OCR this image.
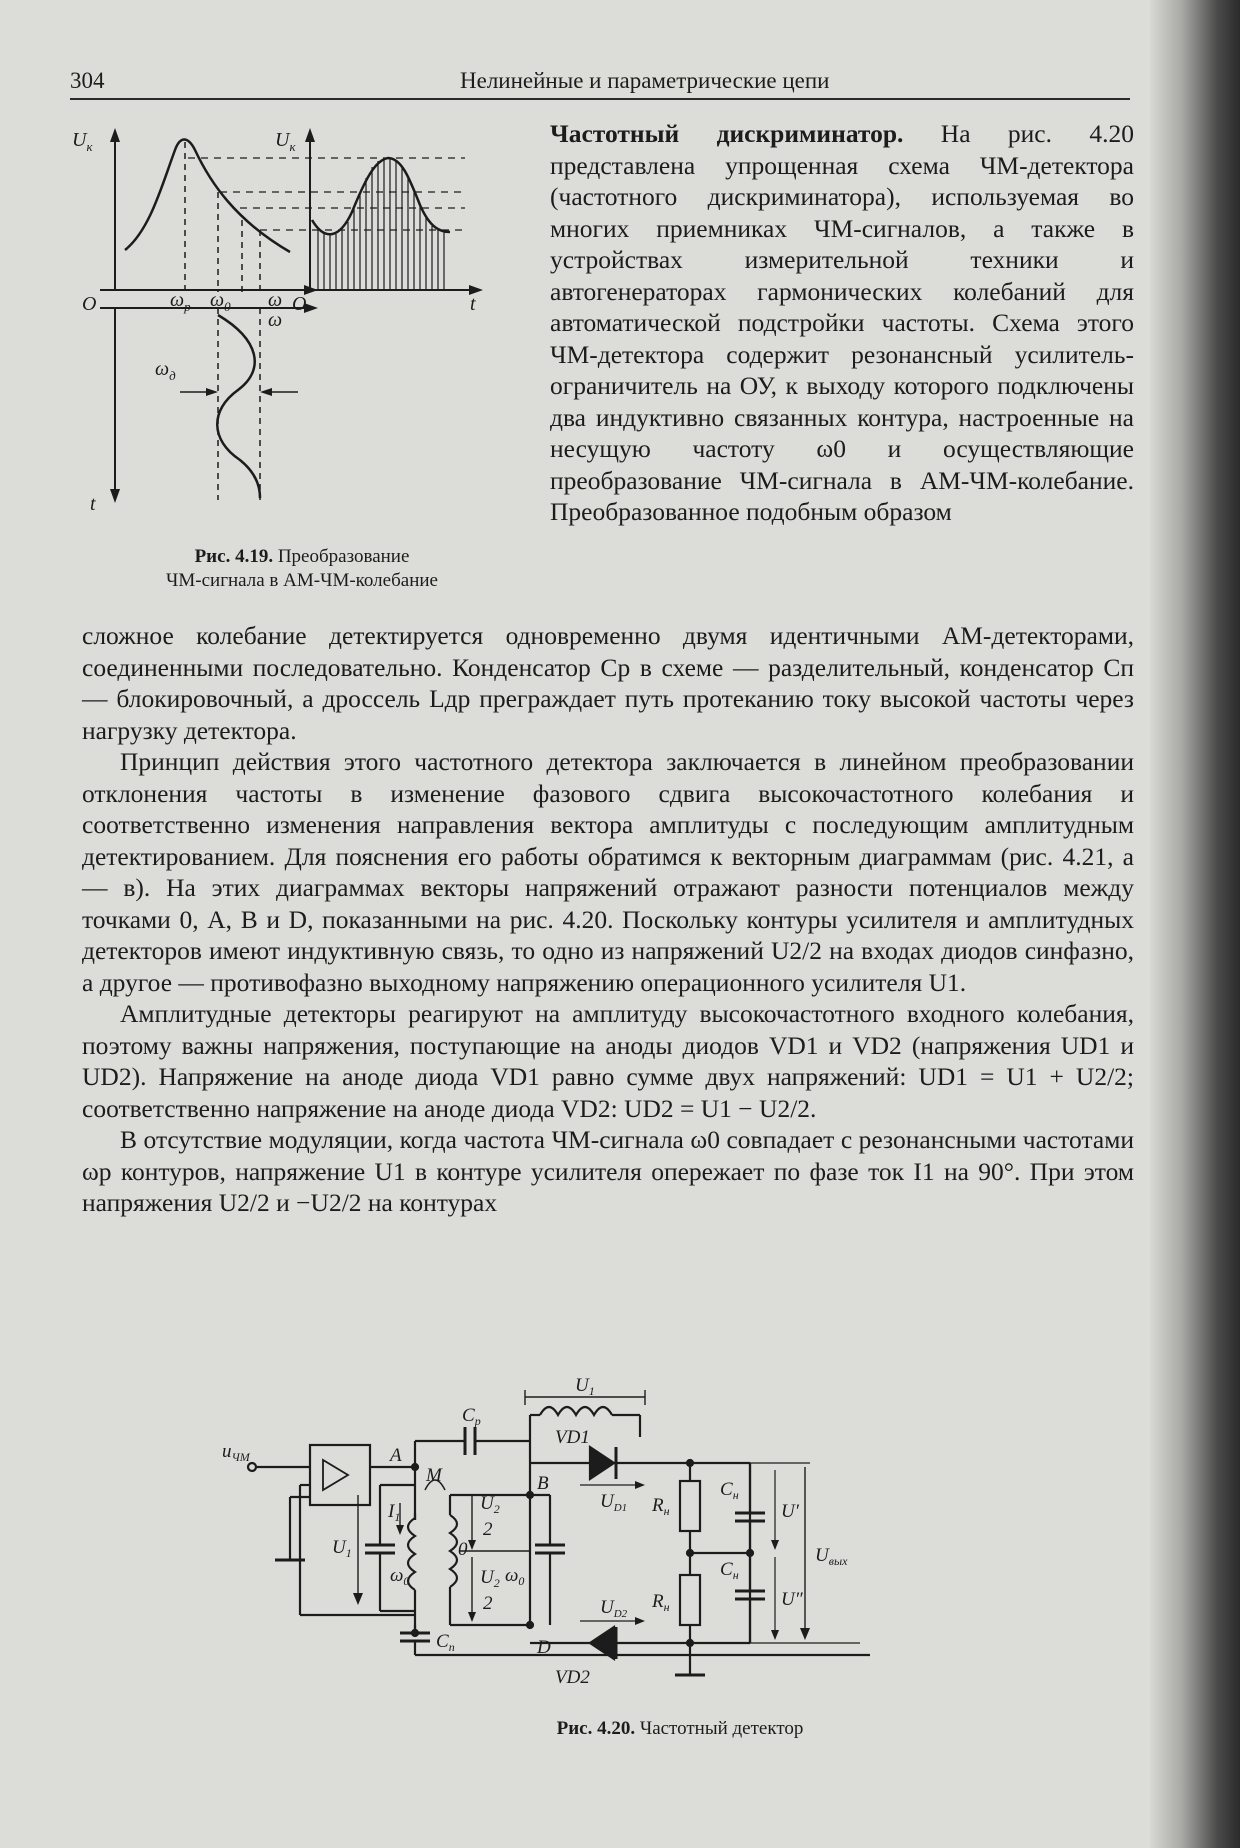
304	Нелинейные и параметрические цепи
$U_к$	$U_к$
O	O
$\omega_р$ $\omega_0$ ω
ω
t
t
$\omega_д$
Рис. 4.19. Преобразование
ЧМ-сигнала в АМ-ЧМ-колебание
Частотный дискриминатор. На рис. 4.20 представлена упрощенная схема ЧМ-детектора (частотного дискриминатора), используемая во многих приемниках ЧМ-сигналов, а также в устройствах измерительной техники и автогенераторах гармонических колебаний для автоматической подстройки частоты. Схема этого ЧМ-детектора содержит резонансный усилитель-ограничитель на ОУ, к выходу которого подключены два индуктивно связанных контура, настроенные на несущую частоту ω0 и осуществляющие преобразование ЧМ-сигнала в АМ-ЧМ-колебание. Преобразованное подобным образом

сложное колебание детектируется одновременно двумя идентичными АМ-детекторами, соединенными последовательно. Конденсатор Cр в схеме — разделительный, конденсатор Cп — блокировочный, а дроссель Lдр преграждает путь протеканию току высокой частоты через нагрузку детектора.

Принцип действия этого частотного детектора заключается в линейном преобразовании отклонения частоты в изменение фазового сдвига высокочастотного колебания и соответственно изменения направления вектора амплитуды с последующим амплитудным детектированием. Для пояснения его работы обратимся к векторным диаграммам (рис. 4.21, а — в). На этих диаграммах векторы напряжений отражают разности потенциалов между точками 0, A, B и D, показанными на рис. 4.20. Поскольку контуры усилителя и амплитудных детекторов имеют индуктивную связь, то одно из напряжений U2/2 на входах диодов синфазно, а другое — противофазно выходному напряжению операционного усилителя U1.

Амплитудные детекторы реагируют на амплитуду высокочастотного входного колебания, поэтому важны напряжения, поступающие на аноды диодов VD1 и VD2 (напряжения UD1 и UD2). Напряжение на аноде диода VD1 равно сумме двух напряжений: UD1 = U1 + U2/2; соответственно напряжение на аноде диода VD2: UD2 = U1 − U2/2.

В отсутствие модуляции, когда частота ЧМ-сигнала ω0 совпадает с резонансными частотами ωр контуров, напряжение U1 в контуре усилителя опережает по фазе ток I1 на 90°. При этом напряжения U2/2 и −U2/2 на контурах

$u_{ЧМ}$
$C_р$
$U_1$
A
B
D
M
$U_2$
2
$U_2$
2
$U_1$
$I_1$
0
$\omega_0$	$\omega_0$
$C_п$
VD1
VD2
$U_{D1}$
$U_{D2}$
$R_н$
$R_н$
$C_н$
$C_н$
U′
U″
$U_{вых}$
Рис. 4.20. Частотный детектор
